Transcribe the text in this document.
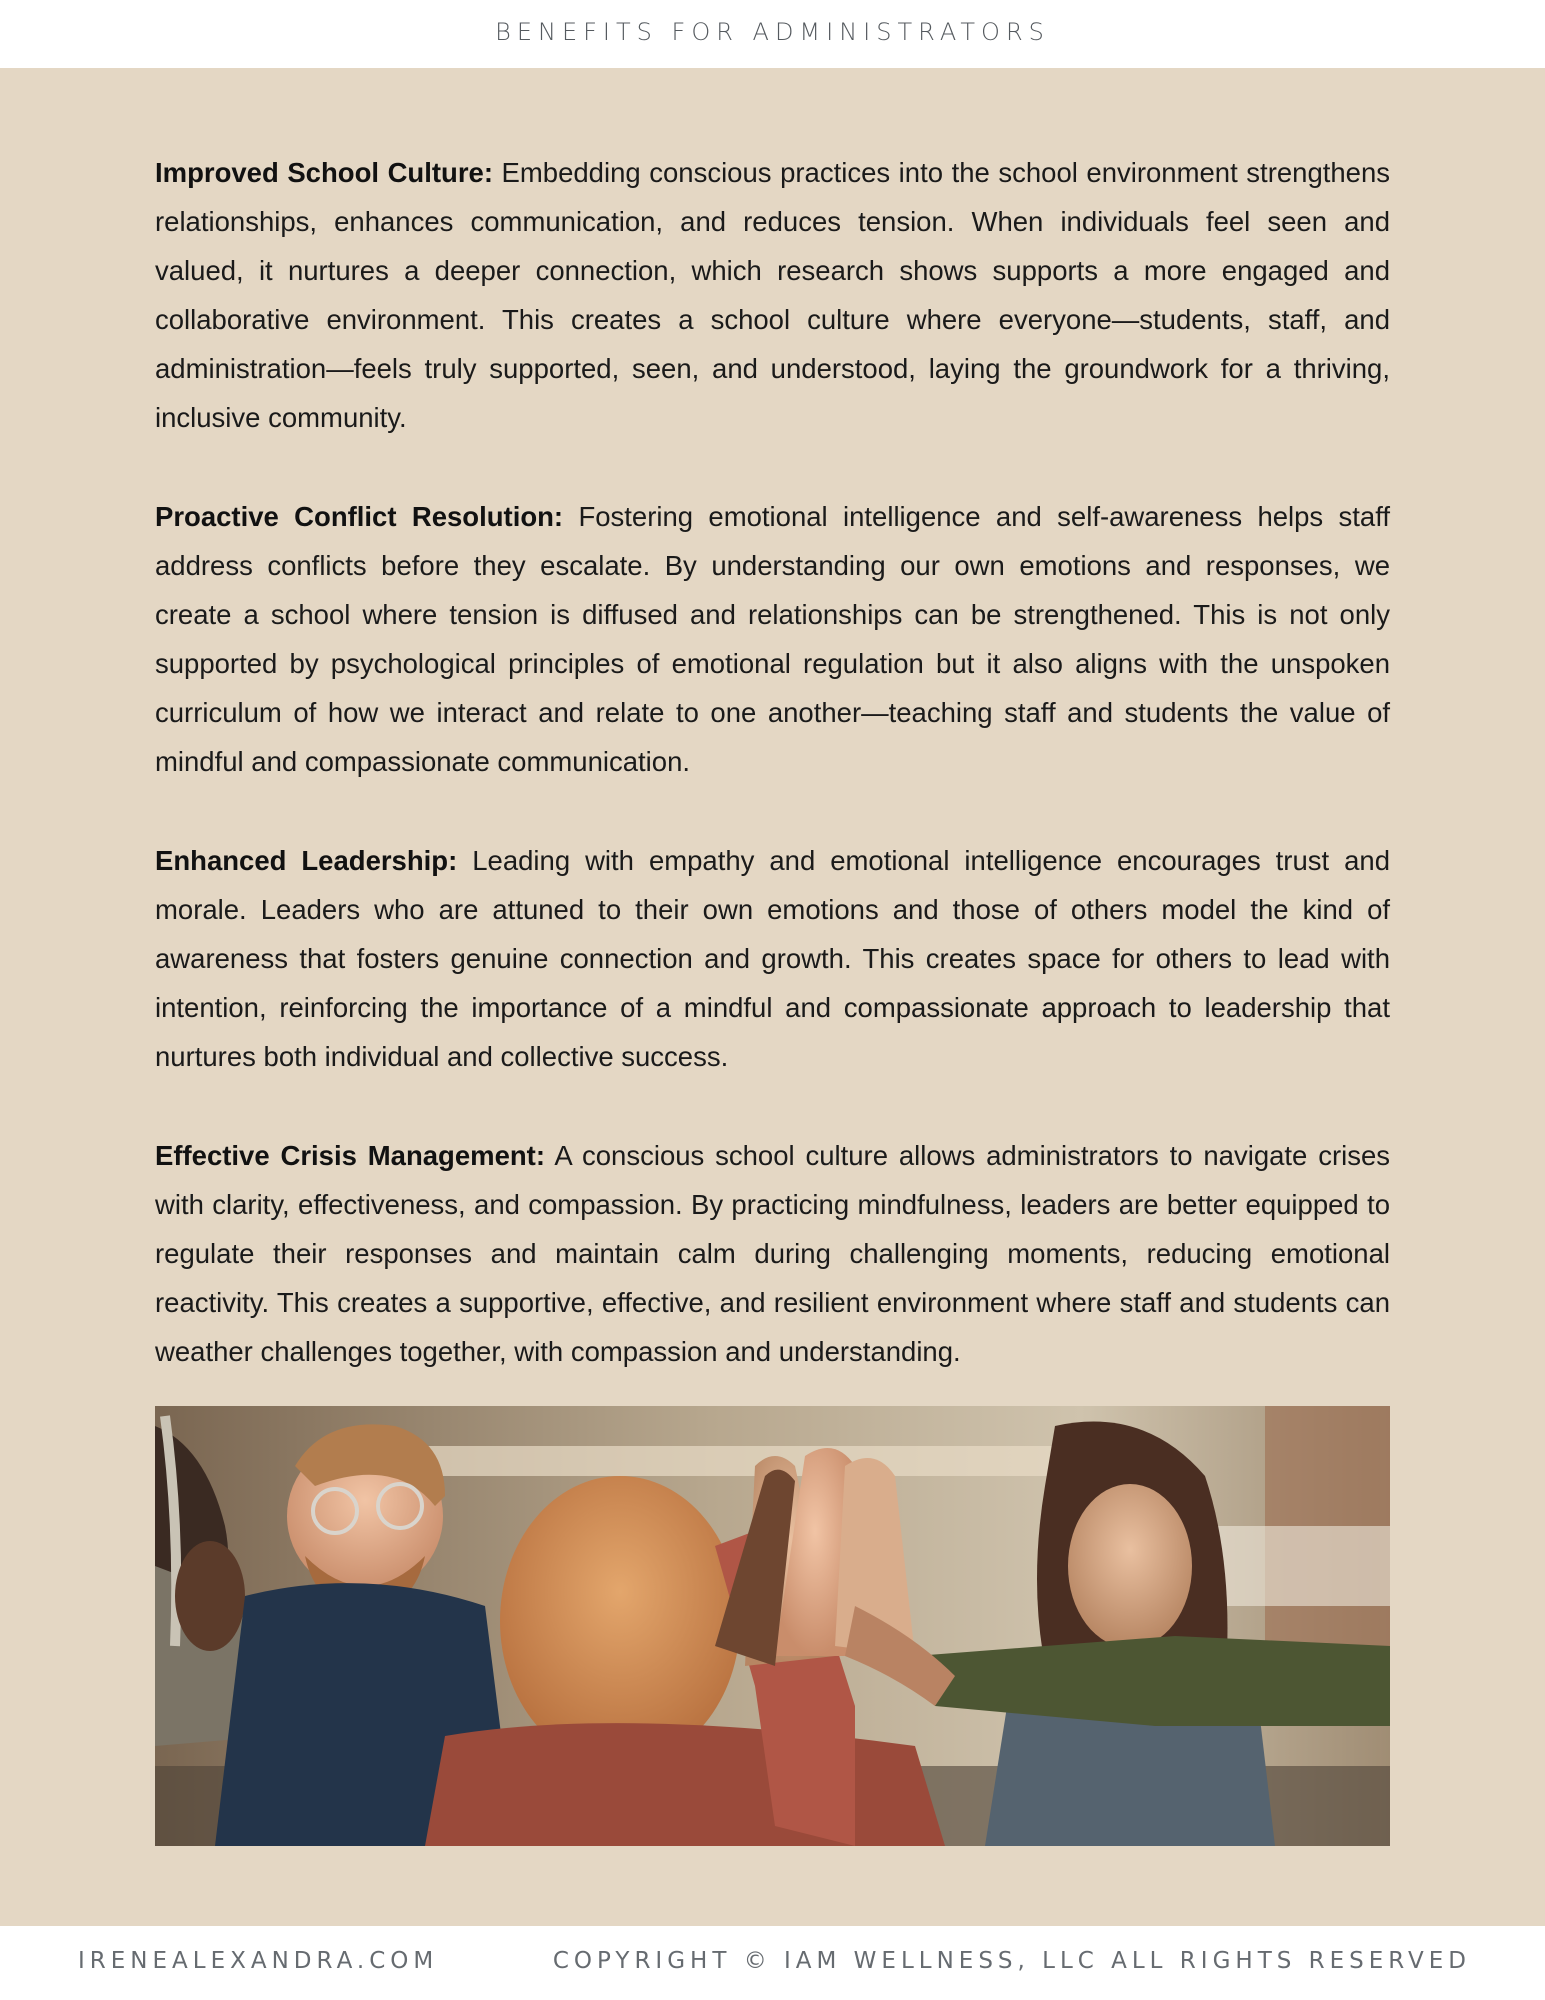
BENEFITS FOR ADMINISTRATORS

Improved School Culture: Embedding conscious practices into the school environment strengthens relationships, enhances communication, and reduces tension. When individuals feel seen and valued, it nurtures a deeper connection, which research shows supports a more engaged and collaborative environment. This creates a school culture where everyone—students, staff, and administration—feels truly supported, seen, and understood, laying the groundwork for a thriving, inclusive community.

Proactive Conflict Resolution: Fostering emotional intelligence and self-awareness helps staff address conflicts before they escalate. By understanding our own emotions and responses, we create a school where tension is diffused and relationships can be strengthened. This is not only supported by psychological principles of emotional regulation but it also aligns with the unspoken curriculum of how we interact and relate to one another—teaching staff and students the value of mindful and compassionate communication.

Enhanced Leadership: Leading with empathy and emotional intelligence encourages trust and morale. Leaders who are attuned to their own emotions and those of others model the kind of awareness that fosters genuine connection and growth. This creates space for others to lead with intention, reinforcing the importance of a mindful and compassionate approach to leadership that nurtures both individual and collective success.

Effective Crisis Management: A conscious school culture allows administrators to navigate crises with clarity, effectiveness, and compassion. By practicing mindfulness, leaders are better equipped to regulate their responses and maintain calm during challenging moments, reducing emotional reactivity. This creates a supportive, effective, and resilient environment where staff and students can weather challenges together, with compassion and understanding.

IRENEALEXANDRA.COM	COPYRIGHT © IAM WELLNESS, LLC ALL RIGHTS RESERVED
